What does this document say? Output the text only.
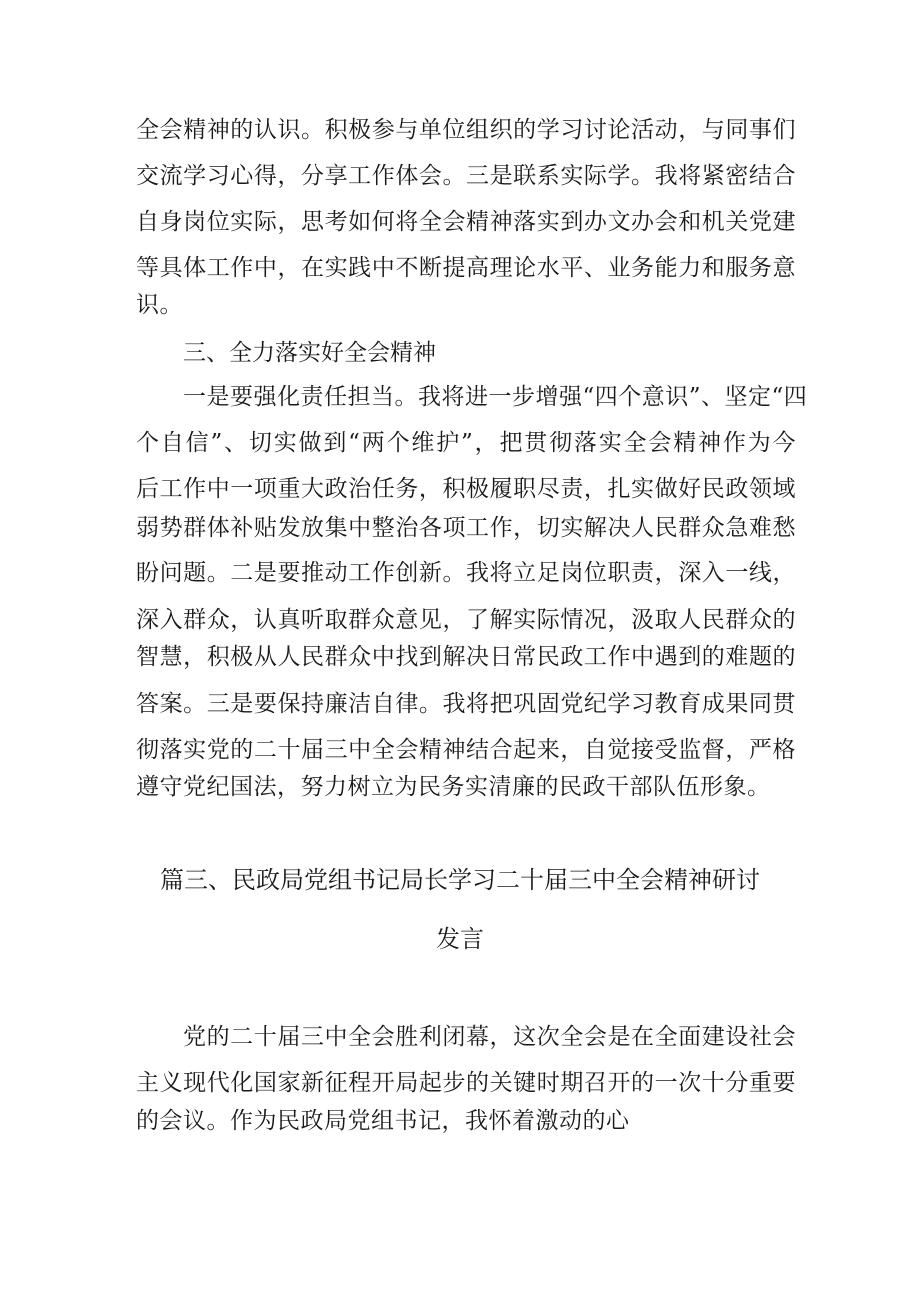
全会精神的认识。积极参与单位组织的学习讨论活动，与同事们
交流学习心得，分享工作体会。三是联系实际学。我将紧密结合
自身岗位实际，思考如何将全会精神落实到办文办会和机关党建
等具体工作中，在实践中不断提高理论水平、业务能力和服务意
识。
三、全力落实好全会精神
一是要强化责任担当。我将进一步增强“四个意识”、坚定“四
个自信”、切实做到“两个维护”，把贯彻落实全会精神作为今
后工作中一项重大政治任务，积极履职尽责，扎实做好民政领域
弱势群体补贴发放集中整治各项工作，切实解决人民群众急难愁
盼问题。二是要推动工作创新。我将立足岗位职责，深入一线，
深入群众，认真听取群众意见，了解实际情况，汲取人民群众的
智慧，积极从人民群众中找到解决日常民政工作中遇到的难题的
答案。三是要保持廉洁自律。我将把巩固党纪学习教育成果同贯
彻落实党的二十届三中全会精神结合起来，自觉接受监督，严格
遵守党纪国法，努力树立为民务实清廉的民政干部队伍形象。
篇三、民政局党组书记局长学习二十届三中全会精神研讨
发言
党的二十届三中全会胜利闭幕，这次全会是在全面建设社会
主义现代化国家新征程开局起步的关键时期召开的一次十分重要
的会议。作为民政局党组书记，我怀着激动的心
